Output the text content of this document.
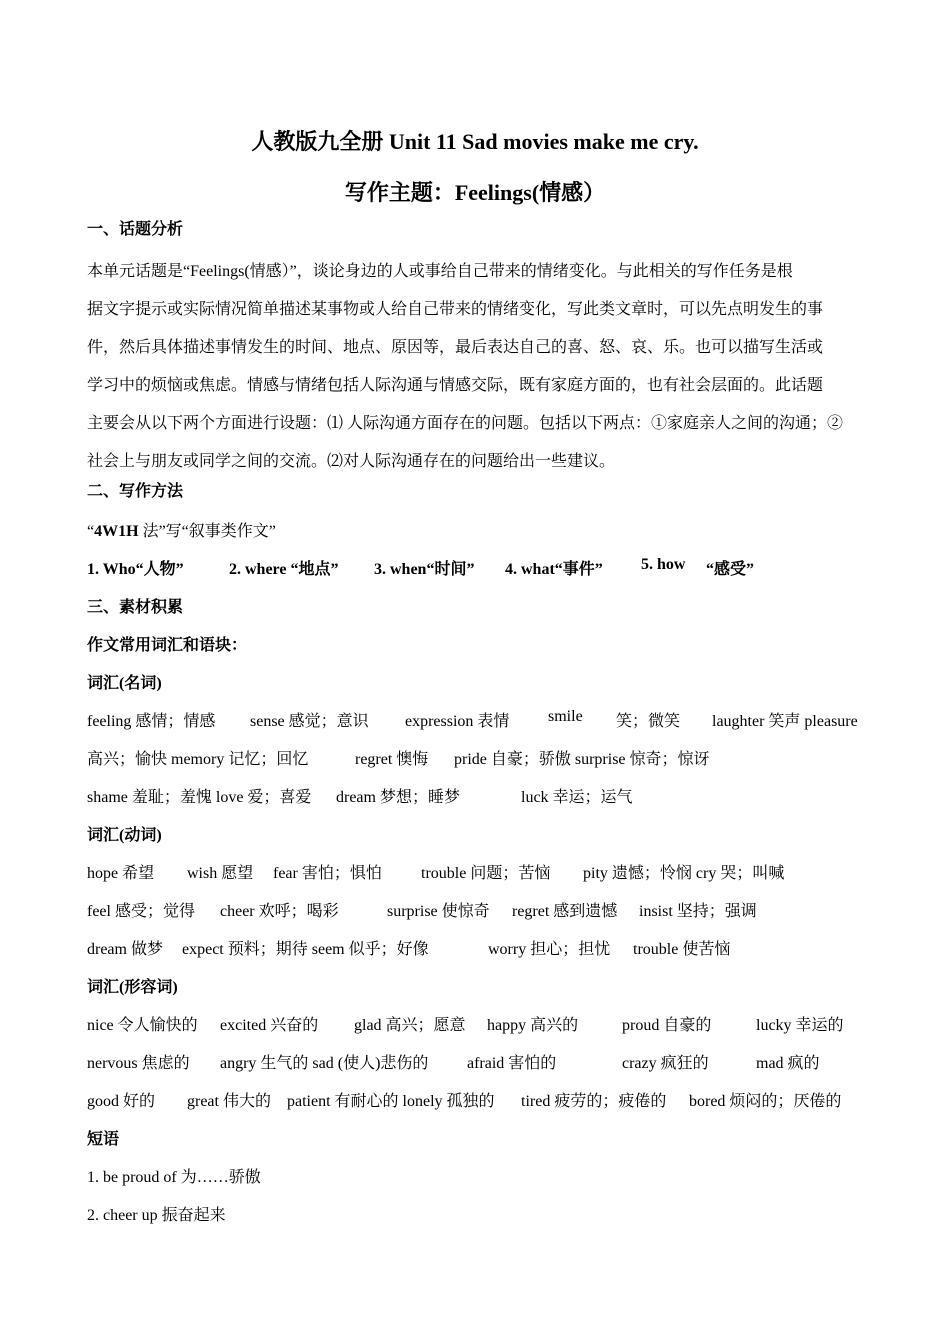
人教版九全册 Unit 11 Sad movies make me cry.
写作主题：Feelings(情感）
一、话题分析
本单元话题是“Feelings(情感）”，谈论身边的人或事给自己带来的情绪变化。与此相关的写作任务是根
据文字提示或实际情况简单描述某事物或人给自己带来的情绪变化，写此类文章时，可以先点明发生的事
件，然后具体描述事情发生的时间、地点、原因等，最后表达自己的喜、怒、哀、乐。也可以描写生活或
学习中的烦恼或焦虑。情感与情绪包括人际沟通与情感交际，既有家庭方面的，也有社会层面的。此话题
主要会从以下两个方面进行设题：⑴ 人际沟通方面存在的问题。包括以下两点：①家庭亲人之间的沟通；②
社会上与朋友或同学之间的交流。⑵对人际沟通存在的问题给出一些建议。
二、写作方法
“4W1H 法”写“叙事类作文”
1. Who“人物”	2. where “地点” 3. when“时间” 4. what“事件” 5. how “感受”
三、素材积累
作文常用词汇和语块：
词汇(名词)
feeling 感情；情感 sense 感觉；意识 expression 表情 smile 笑；微笑 laughter 笑声 pleasure
高兴；愉快 memory 记忆；回忆	regret 懊悔 pride 自豪；骄傲 surprise 惊奇；惊讶
shame 羞耻；羞愧 love 爱；喜爱 dream 梦想；睡梦	luck 幸运；运气
词汇(动词)
hope 希望 wish 愿望 fear 害怕；惧怕 trouble 问题；苦恼 pity 遗憾；怜悯 cry 哭；叫喊
feel 感受；觉得 cheer 欢呼；喝彩	surprise 使惊奇 regret 感到遗憾 insist 坚持；强调
dream 做梦 expect 预料；期待 seem 似乎；好像	worry 担心；担忧 trouble 使苦恼
词汇(形容词)
nice 令人愉快的 excited 兴奋的 glad 高兴；愿意 happy 高兴的	proud 自豪的	lucky 幸运的
nervous 焦虑的 angry 生气的 sad (使人)悲伤的 afraid 害怕的	crazy 疯狂的	mad 疯的
good 好的 great 伟大的 patient 有耐心的 lonely 孤独的 tired 疲劳的；疲倦的 bored 烦闷的；厌倦的
短语
1. be proud of 为……骄傲
2. cheer up 振奋起来
